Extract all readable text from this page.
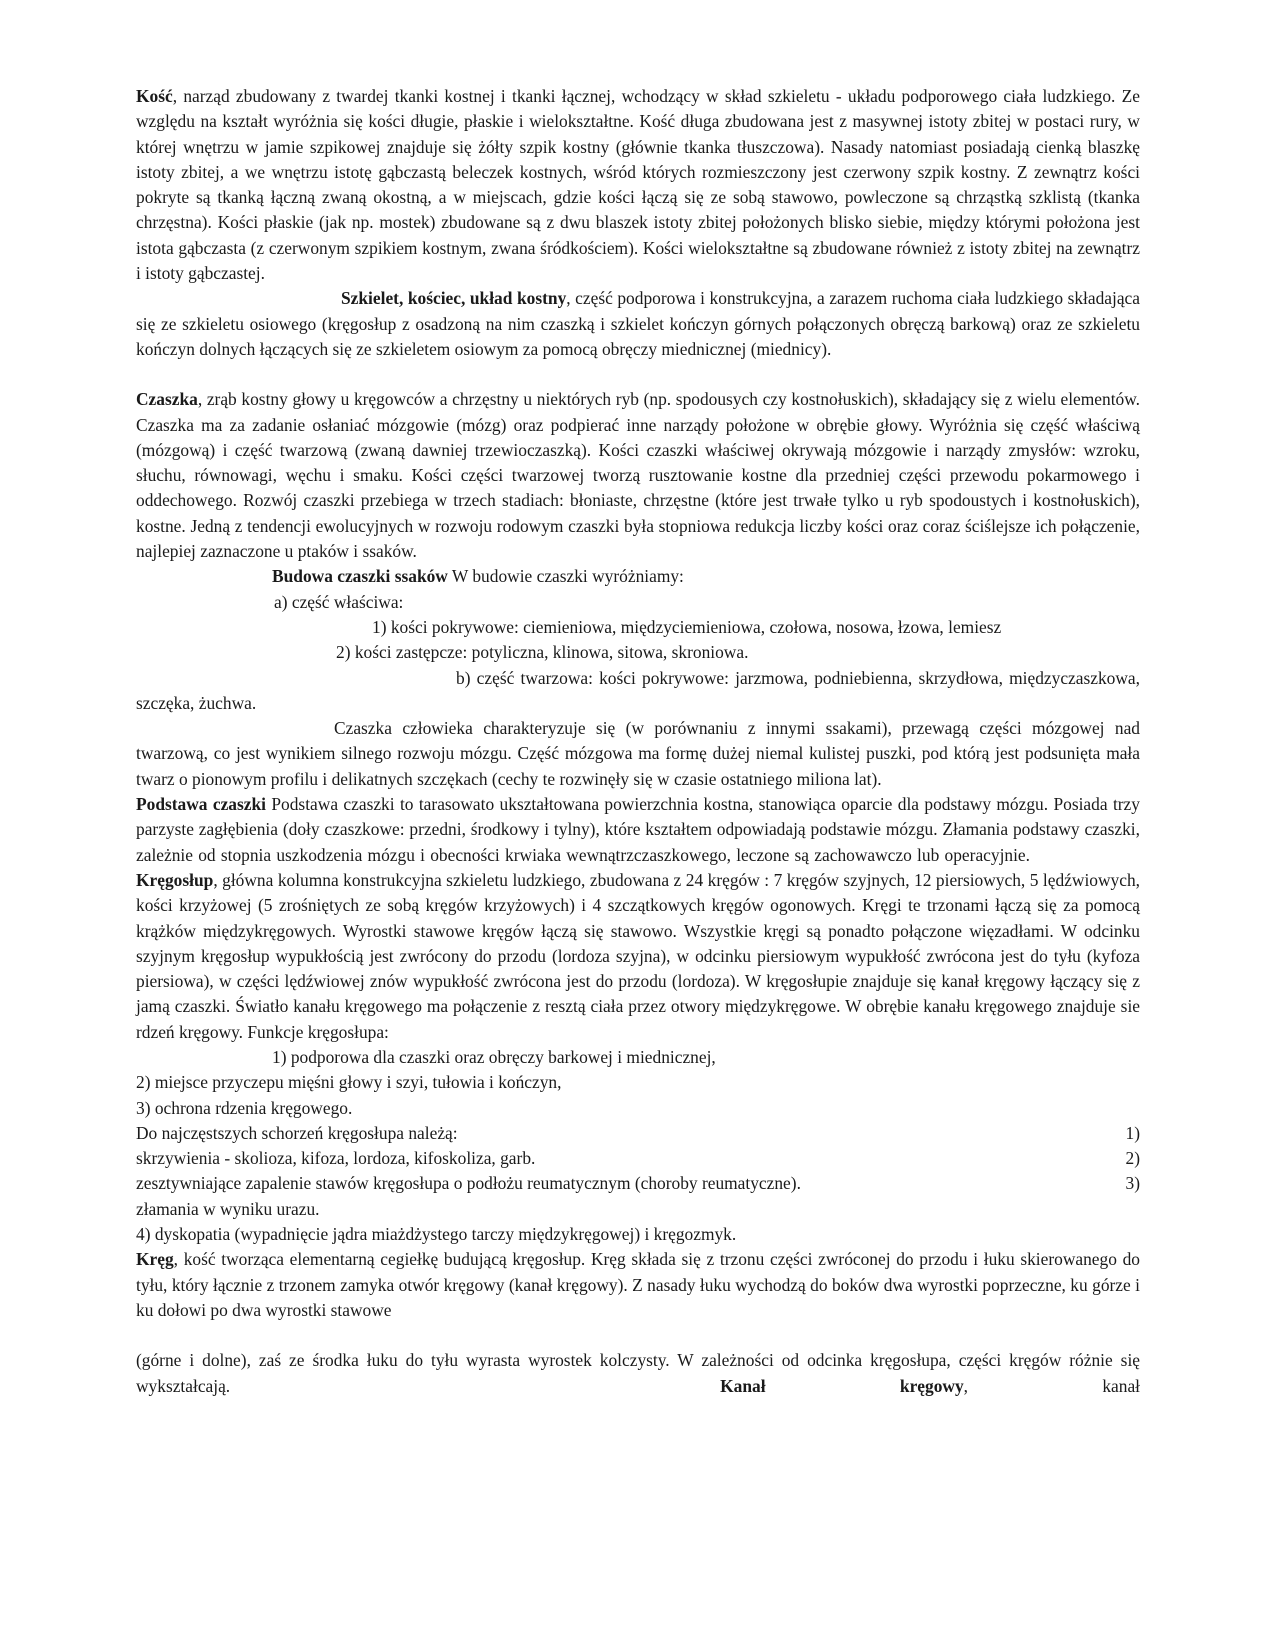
Kość, narząd zbudowany z twardej tkanki kostnej i tkanki łącznej, wchodzący w skład szkieletu - układu podporowego ciała ludzkiego. Ze względu na kształt wyróżnia się kości długie, płaskie i wielokształtne. Kość długa zbudowana jest z masywnej istoty zbitej w postaci rury, w której wnętrzu w jamie szpikowej znajduje się żółty szpik kostny (głównie tkanka tłuszczowa). Nasady natomiast posiadają cienką blaszkę istoty zbitej, a we wnętrzu istotę gąbczastą beleczek kostnych, wśród których rozmieszczony jest czerwony szpik kostny. Z zewnątrz kości pokryte są tkanką łączną zwaną okostną, a w miejscach, gdzie kości łączą się ze sobą stawowo, powleczone są chrząstką szklistą (tkanka chrzęstna). Kości płaskie (jak np. mostek) zbudowane są z dwu blaszek istoty zbitej położonych blisko siebie, między którymi położona jest istota gąbczasta (z czerwonym szpikiem kostnym, zwana śródkościem). Kości wielokształtne są zbudowane również z istoty zbitej na zewnątrz i istoty gąbczastej.

Szkielet, kościec, układ kostny, część podporowa i konstrukcyjna, a zarazem ruchoma ciała ludzkiego składająca się ze szkieletu osiowego (kręgosłup z osadzoną na nim czaszką i szkielet kończyn górnych połączonych obręczą barkową) oraz ze szkieletu kończyn dolnych łączących się ze szkieletem osiowym za pomocą obręczy miednicznej (miednicy).

Czaszka, zrąb kostny głowy u kręgowców a chrzęstny u niektórych ryb (np. spodousych czy kostnołuskich), składający się z wielu elementów. Czaszka ma za zadanie osłaniać mózgowie (mózg) oraz podpierać inne narządy położone w obrębie głowy. Wyróżnia się część właściwą (mózgową) i część twarzową (zwaną dawniej trzewioczaszką). Kości czaszki właściwej okrywają mózgowie i narządy zmysłów: wzroku, słuchu, równowagi, węchu i smaku. Kości części twarzowej tworzą rusztowanie kostne dla przedniej części przewodu pokarmowego i oddechowego. Rozwój czaszki przebiega w trzech stadiach: błoniaste, chrzęstne (które jest trwałe tylko u ryb spodoustych i kostnołuskich), kostne. Jedną z tendencji ewolucyjnych w rozwoju rodowym czaszki była stopniowa redukcja liczby kości oraz coraz ściślejsze ich połączenie, najlepiej zaznaczone u ptaków i ssaków.

Budowa czaszki ssaków W budowie czaszki wyróżniamy:

a) część właściwa:

1) kości pokrywowe: ciemieniowa, międzyciemieniowa, czołowa, nosowa, łzowa, lemiesz

2) kości zastępcze: potyliczna, klinowa, sitowa, skroniowa.

b) część twarzowa: kości pokrywowe: jarzmowa, podniebienna, skrzydłowa, międzyczaszkowa, szczęka, żuchwa.

Czaszka człowieka charakteryzuje się (w porównaniu z innymi ssakami), przewagą części mózgowej nad twarzową, co jest wynikiem silnego rozwoju mózgu. Część mózgowa ma formę dużej niemal kulistej puszki, pod którą jest podsunięta mała twarz o pionowym profilu i delikatnych szczękach (cechy te rozwinęły się w czasie ostatniego miliona lat).

Podstawa czaszki Podstawa czaszki to tarasowato ukształtowana powierzchnia kostna, stanowiąca oparcie dla podstawy mózgu. Posiada trzy parzyste zagłębienia (doły czaszkowe: przedni, środkowy i tylny), które kształtem odpowiadają podstawie mózgu. Złamania podstawy czaszki, zależnie od stopnia uszkodzenia mózgu i obecności krwiaka wewnątrzczaszkowego, leczone są zachowawczo lub operacyjnie.Kręgosłup, główna kolumna konstrukcyjna szkieletu ludzkiego, zbudowana z 24 kręgów : 7 kręgów szyjnych, 12 piersiowych, 5 lędźwiowych, kości krzyżowej (5 zrośniętych ze sobą kręgów krzyżowych) i 4 szczątkowych kręgów ogonowych. Kręgi te trzonami łączą się za pomocą krążków międzykręgowych. Wyrostki stawowe kręgów łączą się stawowo. Wszystkie kręgi są ponadto połączone więzadłami. W odcinku szyjnym kręgosłup wypukłością jest zwrócony do przodu (lordoza szyjna), w odcinku piersiowym wypukłość zwrócona jest do tyłu (kyfoza piersiowa), w części lędźwiowej znów wypukłość zwrócona jest do przodu (lordoza). W kręgosłupie znajduje się kanał kręgowy łączący się z jamą czaszki. Światło kanału kręgowego ma połączenie z resztą ciała przez otwory międzykręgowe. W obrębie kanału kręgowego znajduje sie rdzeń kręgowy. Funkcje kręgosłupa:

1) podporowa dla czaszki oraz obręczy barkowej i miednicznej,

2) miejsce przyczepu mięśni głowy i szyi, tułowia i kończyn,

3) ochrona rdzenia kręgowego.

Do najczęstszych schorzeń kręgosłupa należą:	1)
skrzywienia - skolioza, kifoza, lordoza, kifoskoliza, garb.	2)
zesztywniające zapalenie stawów kręgosłupa o podłożu reumatycznym (choroby reumatyczne).	3)

złamania w wyniku urazu.

4) dyskopatia (wypadnięcie jądra miażdżystego tarczy międzykręgowej) i kręgozmyk.

Kręg, kość tworząca elementarną cegiełkę budującą kręgosłup. Kręg składa się z trzonu części zwróconej do przodu i łuku skierowanego do tyłu, który łącznie z trzonem zamyka otwór kręgowy (kanał kręgowy). Z nasady łuku wychodzą do boków dwa wyrostki poprzeczne, ku górze i ku dołowi po dwa wyrostki stawowe

(górne i dolne), zaś ze środka łuku do tyłu wyrasta wyrostek kolczysty. W zależności od odcinka kręgosłupa, części kręgów różnie się wykształcają.	Kanał kręgowy, kanał
